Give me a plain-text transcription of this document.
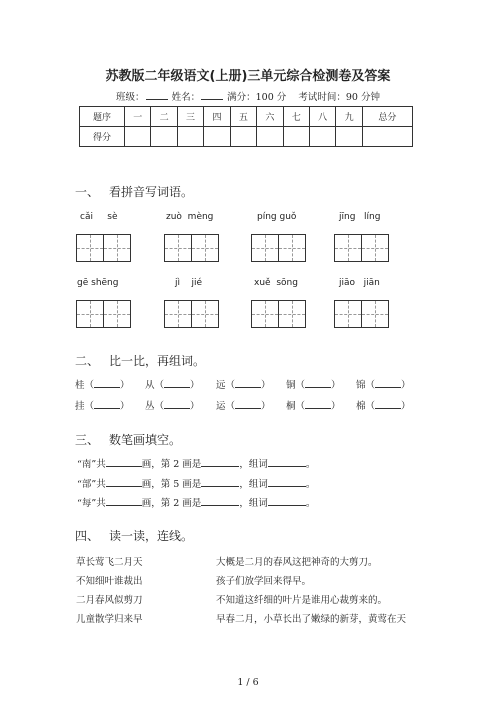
苏教版二年级语文(上册)三单元综合检测卷及答案
班级：	姓名：	满分：100 分 考试时间：90 分钟
题序	一	二	三	四	五	六	七	八	九	总分
得分										
一、 看拼音写词语。
cǎi sè	zuò mèng	píng guǒ	jīng líng
gē shēng	jì jié	xuě sōng	jiāo jiān
二、 比一比，再组词。
桂（	） 从（	） 远（	） 铜（	） 锦（	）
挂（	） 丛（	） 运（	） 桐（	） 棉（	）
三、 数笔画填空。
“南”共	画，第 2 画是	，组词	。
“部”共	画，第 5 画是	，组词	。
“每”共	画，第 2 画是	，组词	。
四、 读一读，连线。
草长莺飞二月天
不知细叶谁裁出
二月春风似剪刀
儿童散学归来早
大概是二月的春风这把神奇的大剪刀。
孩子们放学回来得早。
不知道这纤细的叶片是谁用心裁剪来的。
早春二月，小草长出了嫩绿的新芽，黄莺在天
1 / 6
